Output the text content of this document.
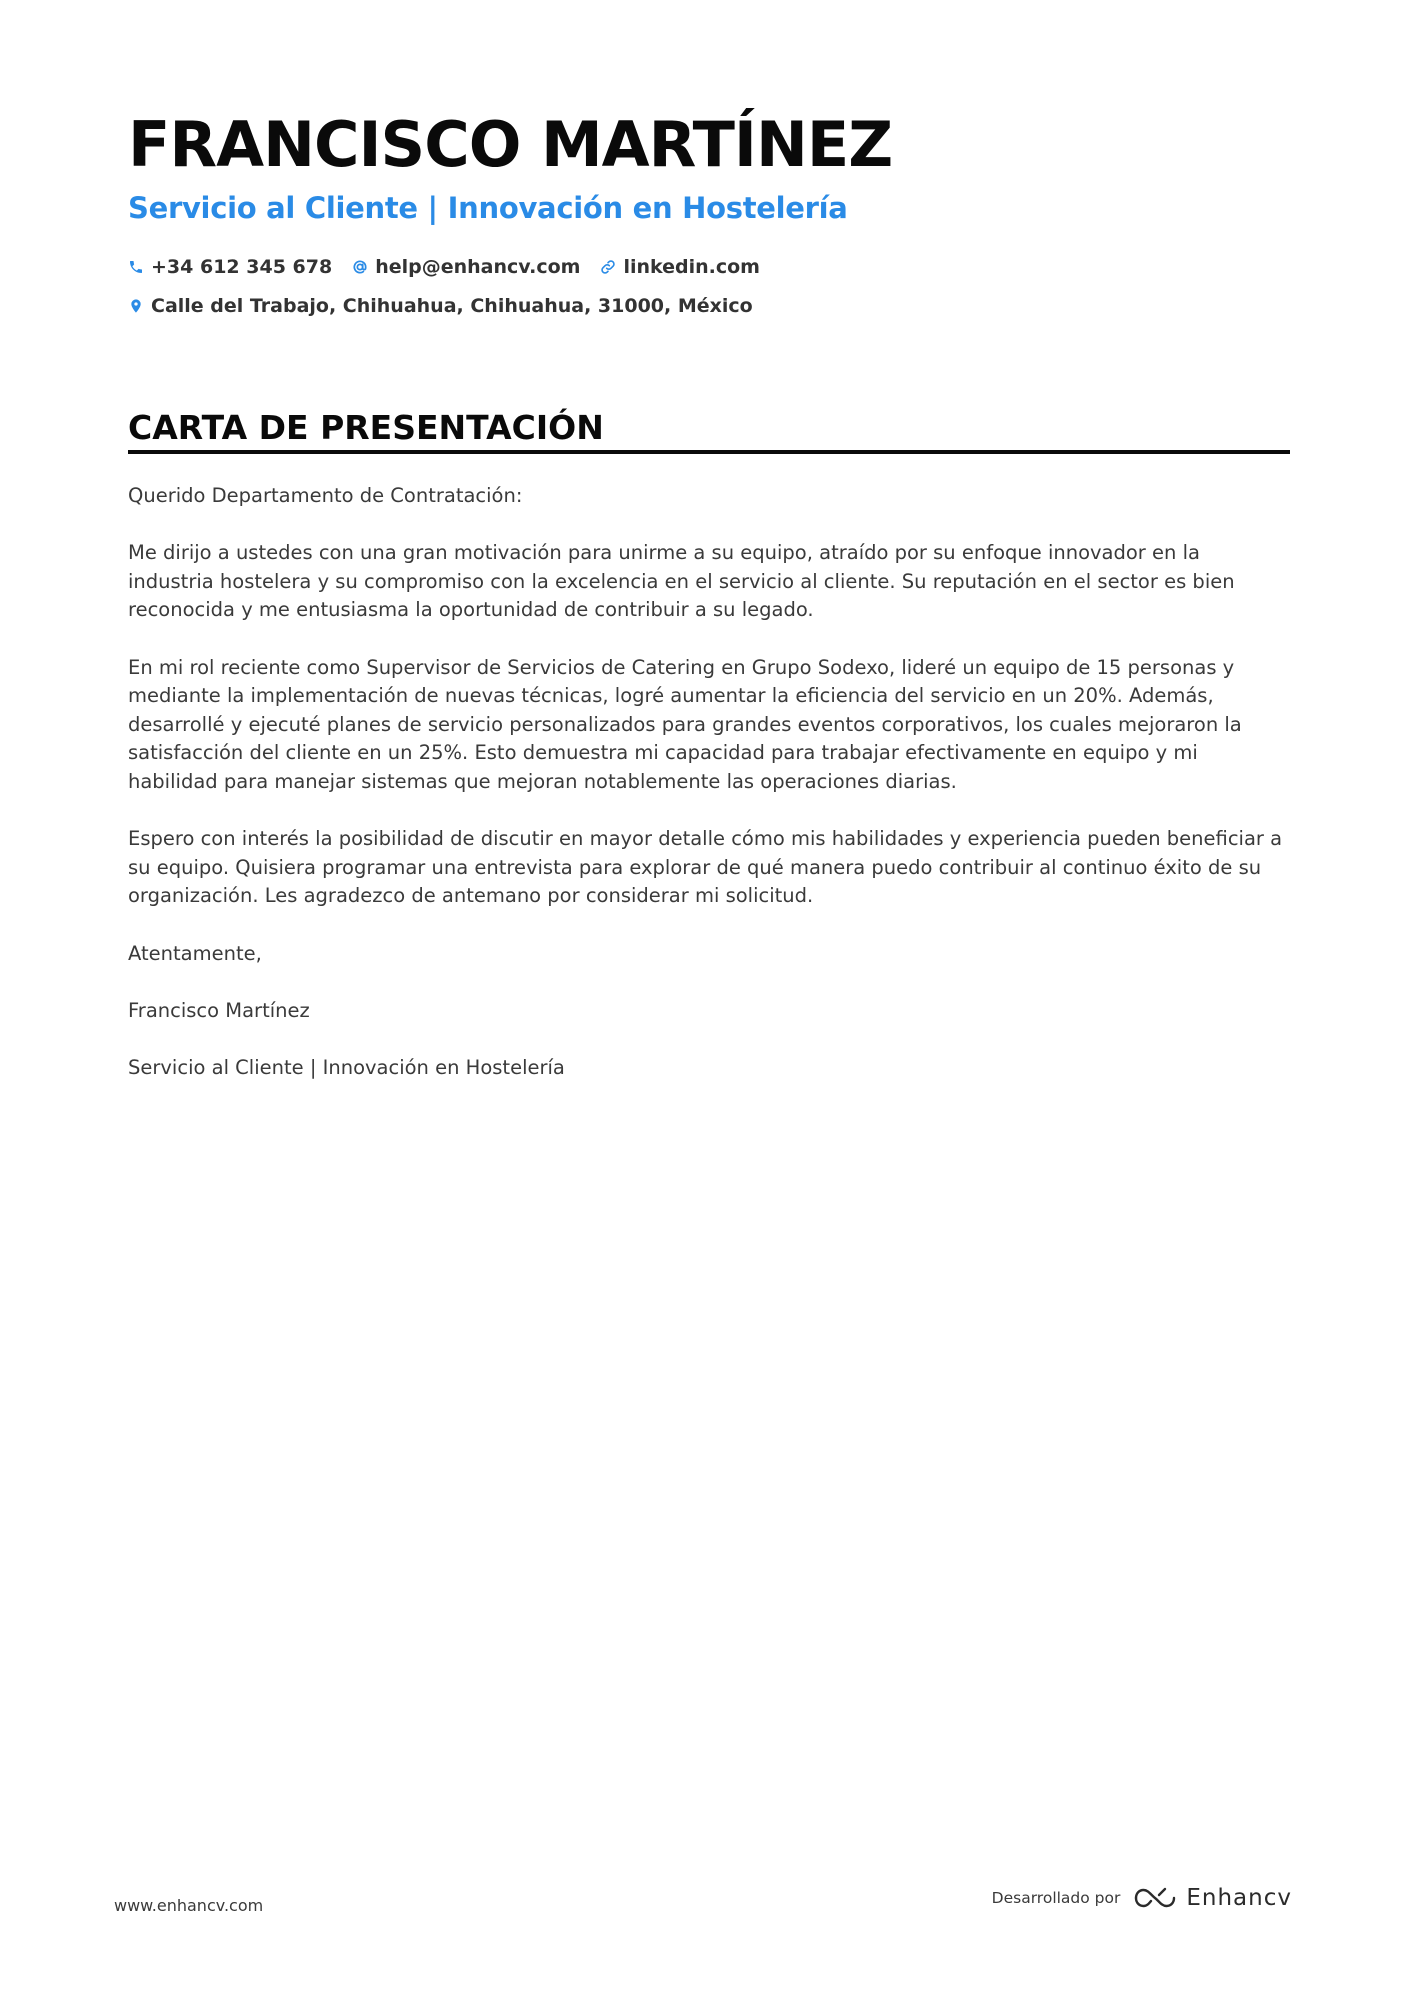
FRANCISCO MARTÍNEZ
Servicio al Cliente | Innovación en Hostelería
+34 612 345 678 help@enhancv.com linkedin.com
Calle del Trabajo, Chihuahua, Chihuahua, 31000, México
CARTA DE PRESENTACIÓN

Querido Departamento de Contratación:

Me dirijo a ustedes con una gran motivación para unirme a su equipo, atraído por su enfoque innovador en la industria hostelera y su compromiso con la excelencia en el servicio al cliente. Su reputación en el sector es bien reconocida y me entusiasma la oportunidad de contribuir a su legado.

En mi rol reciente como Supervisor de Servicios de Catering en Grupo Sodexo, lideré un equipo de 15 personas y mediante la implementación de nuevas técnicas, logré aumentar la eficiencia del servicio en un 20%. Además, desarrollé y ejecuté planes de servicio personalizados para grandes eventos corporativos, los cuales mejoraron la satisfacción del cliente en un 25%. Esto demuestra mi capacidad para trabajar efectivamente en equipo y mi habilidad para manejar sistemas que mejoran notablemente las operaciones diarias.

Espero con interés la posibilidad de discutir en mayor detalle cómo mis habilidades y experiencia pueden beneficiar a su equipo. Quisiera programar una entrevista para explorar de qué manera puedo contribuir al continuo éxito de su organización. Les agradezco de antemano por considerar mi solicitud.

Atentamente,

Francisco Martínez

Servicio al Cliente | Innovación en Hostelería

www.enhancv.com	Desarrollado por	Enhancv
